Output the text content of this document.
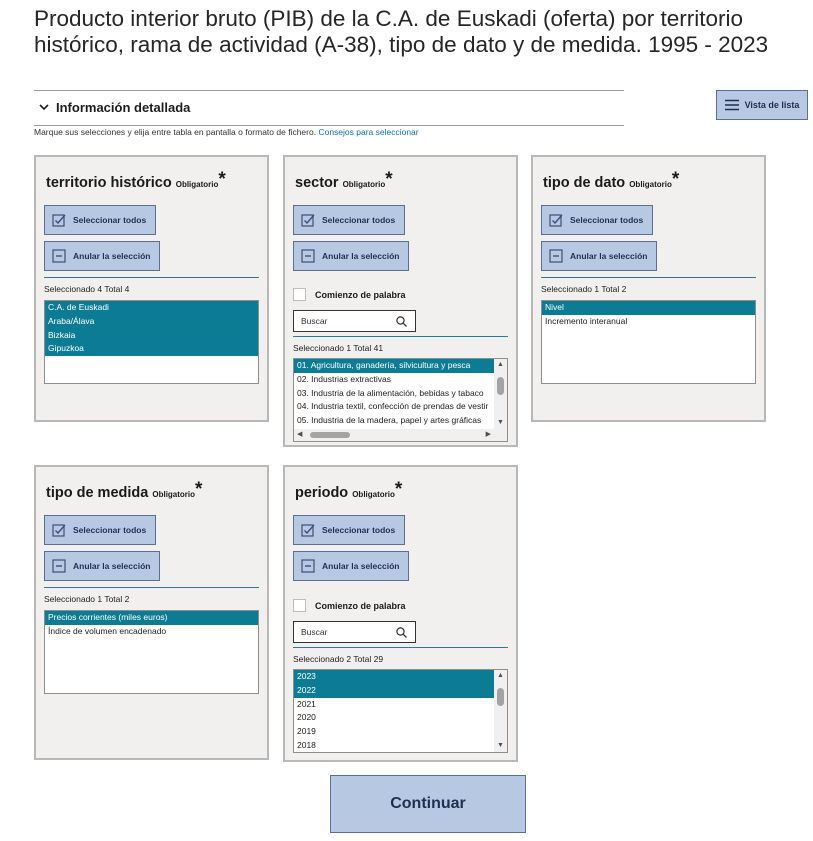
Producto interior bruto (PIB) de la C.A. de Euskadi (oferta) por territorio histórico, rama de actividad (A-38), tipo de dato y de medida. 1995 - 2023
Información detallada
Marque sus selecciones y elija entre tabla en pantalla o formato de fichero. Consejos para seleccionar
Vista de lista
territorio histórico Obligatorio*
Seleccionar todos
Anular la selección
Seleccionado 4 Total 4
C.A. de Euskadi
Araba/Álava
Bizkaia
Gipuzkoa
sector Obligatorio*
Seleccionar todos
Anular la selección
Comienzo de palabra
Buscar
Seleccionado 1 Total 41
01. Agricultura, ganadería, silvicultura y pesca
02. Industrias extractivas
03. Industria de la alimentación, bebidas y tabaco
04. Industria textil, confección de prendas de vestir
05. Industria de la madera, papel y artes gráficas
▲
▼
◀	▶
tipo de dato Obligatorio*
Seleccionar todos
Anular la selección
Seleccionado 1 Total 2
Nivel
Incremento interanual
tipo de medida Obligatorio*
Seleccionar todos
Anular la selección
Seleccionado 1 Total 2
Precios corrientes (miles euros)
Índice de volumen encadenado
periodo Obligatorio*
Seleccionar todos
Anular la selección
Comienzo de palabra
Buscar
Seleccionado 2 Total 29
2023
2022
2021
2020
2019
2018
▲
▼
Continuar
